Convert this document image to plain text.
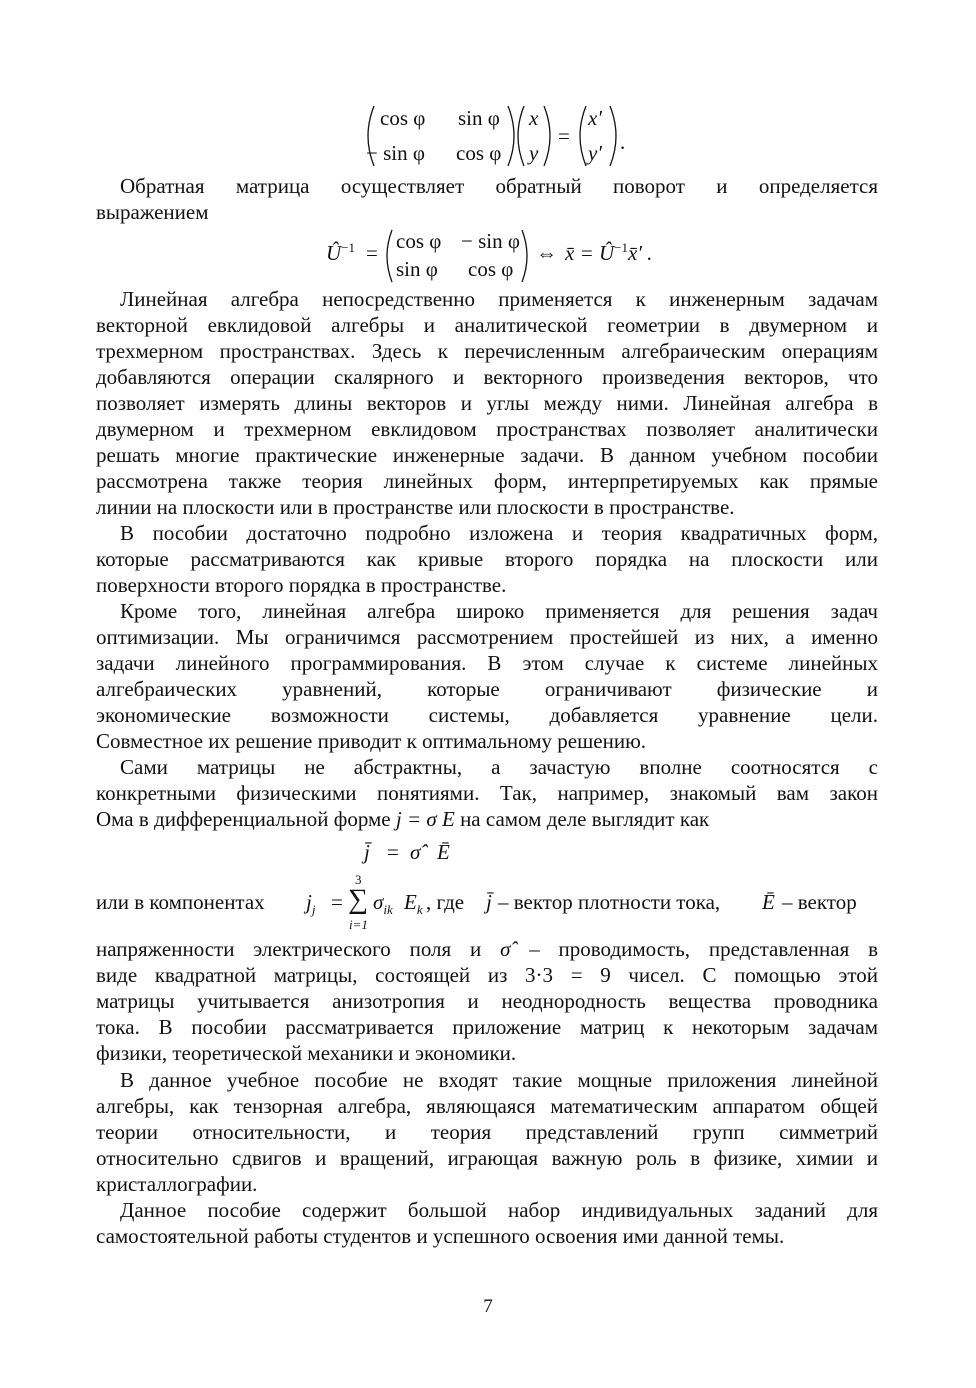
cos φ sin φ
− sin φ cos φ
x
y
=
x′
y′ .
Обратная матрица осуществляет обратный поворот и определяется
выражением
$Û^{-1} = \cos \varphi - \sin \varphi$
sin φ cos φ
⇔ x̄ = $Û^{-1}x̄'$ .
Линейная алгебра непосредственно применяется к инженерным задачам
векторной евклидовой алгебры и аналитической геометрии в двумерном и
трехмерном пространствах. Здесь к перечисленным алгебраическим операциям
добавляются операции скалярного и векторного произведения векторов, что
позволяет измерять длины векторов и углы между ними. Линейная алгебра в
двумерном и трехмерном евклидовом пространствах позволяет аналитически
решать многие практические инженерные задачи. В данном учебном пособии
рассмотрена также теория линейных форм, интерпретируемых как прямые
линии на плоскости или в пространстве или плоскости в пространстве.
В пособии достаточно подробно изложена и теория квадратичных форм,
которые рассматриваются как кривые второго порядка на плоскости или
поверхности второго порядка в пространстве.
Кроме того, линейная алгебра широко применяется для решения задач
оптимизации. Мы ограничимся рассмотрением простейшей из них, а именно
задачи линейного программирования. В этом случае к системе линейных
алгебраических уравнений, которые ограничивают физические и
экономические возможности системы, добавляется уравнение цели.
Совместное их решение приводит к оптимальному решению.
Сами матрицы не абстрактны, а зачастую вполне соотносятся с
конкретными физическими понятиями. Так, например, знакомый вам закон
Ома в дифференциальной форме j = σ E на самом деле выглядит как
j̄ = σ̂ Ē
или в компонентах $j_j$ =
3
∑
i=1
$\sigma_{ik}$ $E_k$ , где j̄ – вектор плотности тока, Ē – вектор
напряженности электрического поля и σ̂ – проводимость, представленная в
виде квадратной матрицы, состоящей из 3·3 = 9 чисел. С помощью этой
матрицы учитывается анизотропия и неоднородность вещества проводника
тока. В пособии рассматривается приложение матриц к некоторым задачам
физики, теоретической механики и экономики.
В данное учебное пособие не входят такие мощные приложения линейной
алгебры, как тензорная алгебра, являющаяся математическим аппаратом общей
теории относительности, и теория представлений групп симметрий
относительно сдвигов и вращений, играющая важную роль в физике, химии и
кристаллографии.
Данное пособие содержит большой набор индивидуальных заданий для
самостоятельной работы студентов и успешного освоения ими данной темы.
7
